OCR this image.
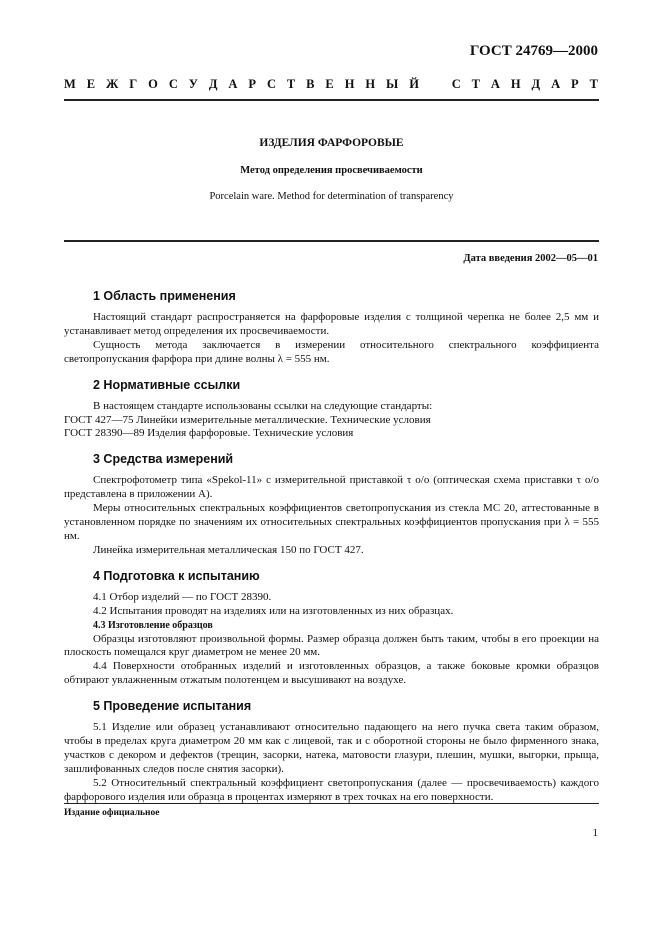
ГОСТ 24769—2000
М Е Ж Г О С У Д А Р С Т В Е Н Н Ы Й	С Т А Н Д А Р Т
ИЗДЕЛИЯ ФАРФОРОВЫЕ
Метод определения просвечиваемости
Porcelain ware. Method for determination of transparency
Дата введения 2002—05—01
1 Область применения

Настоящий стандарт распространяется на фарфоровые изделия с толщиной черепка не более 2,5 мм и устанавливает метод определения их просвечиваемости.

Сущность метода заключается в измерении относительного спектрального коэффициента светопропускания фарфора при длине волны λ = 555 нм.

2 Нормативные ссылки

В настоящем стандарте использованы ссылки на следующие стандарты:

ГОСТ 427—75 Линейки измерительные металлические. Технические условия

ГОСТ 28390—89 Изделия фарфоровые. Технические условия

3 Средства измерений

Спектрофотометр типа «Spekol-11» с измерительной приставкой τ о/о (оптическая схема приставки τ о/о представлена в приложении А).

Меры относительных спектральных коэффициентов светопропускания из стекла МС 20, аттестованные в установленном порядке по значениям их относительных спектральных коэффициентов пропускания при λ = 555 нм.

Линейка измерительная металлическая 150 по ГОСТ 427.

4 Подготовка к испытанию

4.1 Отбор изделий — по ГОСТ 28390.

4.2 Испытания проводят на изделиях или на изготовленных из них образцах.

4.3 Изготовление образцов

Образцы изготовляют произвольной формы. Размер образца должен быть таким, чтобы в его проекции на плоскость помещался круг диаметром не менее 20 мм.

4.4 Поверхности отобранных изделий и изготовленных образцов, а также боковые кромки образцов обтирают увлажненным отжатым полотенцем и высушивают на воздухе.

5 Проведение испытания

5.1 Изделие или образец устанавливают относительно падающего на него пучка света таким образом, чтобы в пределах круга диаметром 20 мм как с лицевой, так и с оборотной стороны не было фирменного знака, участков с декором и дефектов (трещин, засорки, натека, матовости глазури, плешин, мушки, выгорки, прыща, зашлифованных следов после снятия засорки).

5.2 Относительный спектральный коэффициент светопропускания (далее — просвечиваемость) каждого фарфорового изделия или образца в процентах измеряют в трех точках на его поверхности.

Издание официальное
1
